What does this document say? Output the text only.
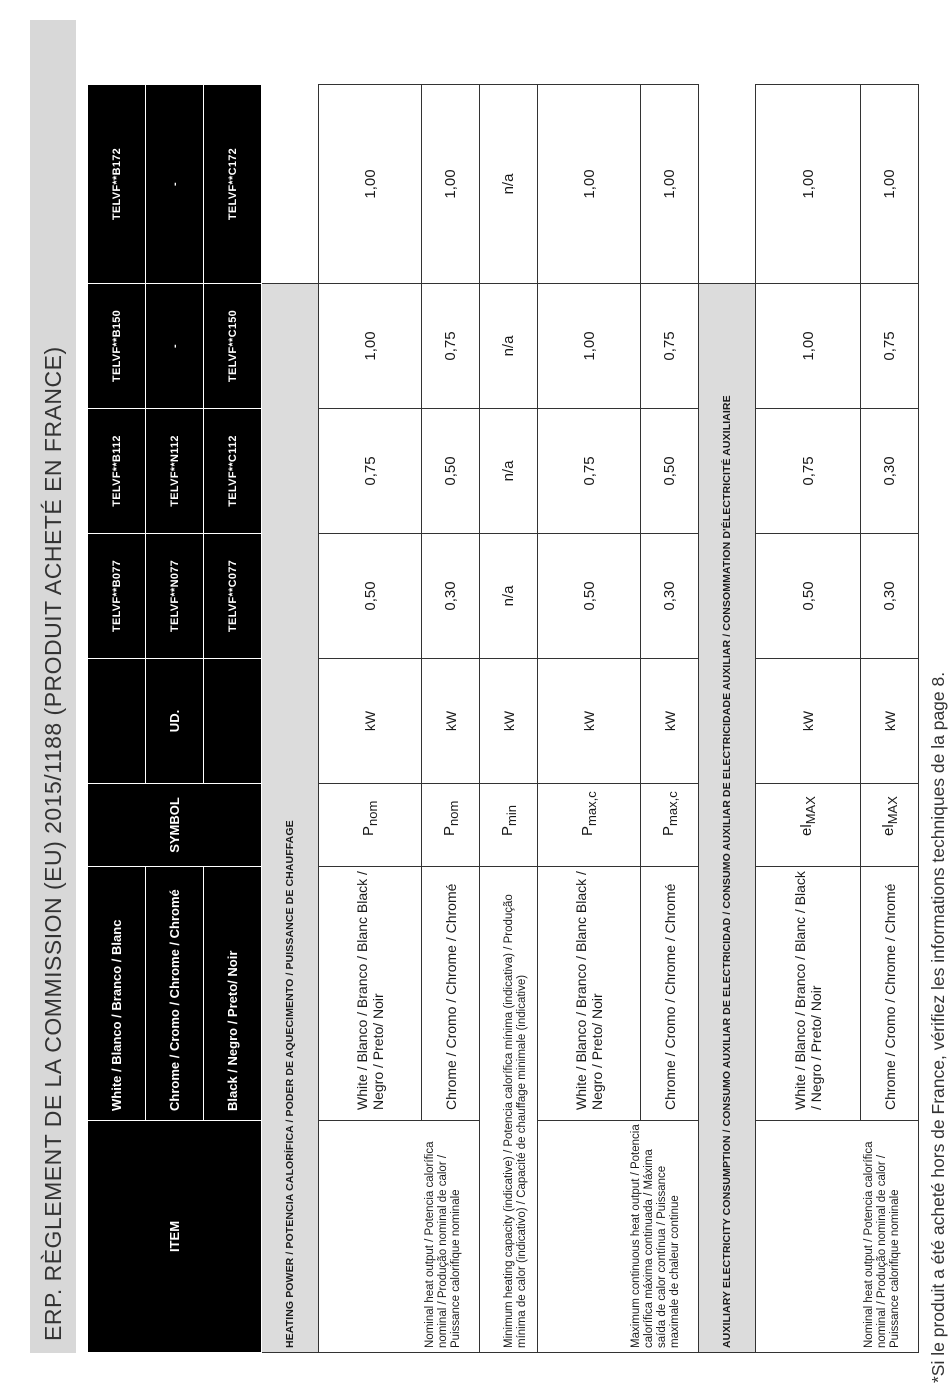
ERP. RÈGLEMENT DE LA COMMISSION (EU) 2015/1188 (PRODUIT ACHETÉ EN FRANCE)	ITEM	White / Blanco / Branco / Blanc	SYMBOL		TELVF**B077	TELVF**B112	TELVF**B150	TELVF**B172
	Chrome / Cromo / Chrome / Chromé		UD.	TELVF**N077	TELVF**N112	-	-
	Black / Negro / Preto/ Noir			TELVF**C077	TELVF**C112	TELVF**C150	TELVF**C172
HEATING POWER / POTENCIA CALORÍFICA / PODER DE AQUECIMENTO / PUISSANCE DE CHAUFFAGE							
Nominal heat output / Potencia calorífica nominal / Produção nominal de calor / Puissance calorifique nominale	White / Blanco / Branco / Blanc Black / Negro / Preto/ Noir	$P_{nom}$	kW	0,50	0,75	1,00	1,00
	Chrome / Cromo / Chrome / Chromé	$P_{nom}$	kW	0,30	0,50	0,75	1,00
Minimum heating capacity (indicative) / Potencia calorífica mínima (indicativa) / Produção mínima de calor (indicativo) / Capacité de chauffage minimale (indicative)		$P_{min}$	kW	n/a	n/a	n/a	n/a
Maximum continuous heat output / Potencia calorífica máxima continuada / Máxima saída de calor contínua / Puissance maximale de chaleur continue	White / Blanco / Branco / Blanc Black / Negro / Preto/ Noir	$P_{max,c}$	kW	0,50	0,75	1,00	1,00
	Chrome / Cromo / Chrome / Chromé	$P_{max,c}$	kW	0,30	0,50	0,75	1,00
AUXILIARY ELECTRICITY CONSUMPTION / CONSUMO AUXILIAR DE ELECTRICIDAD / CONSUMO AUXILIAR DE ELECTRICIDADE AUXILIAR / CONSOMMATION D'ÉLECTRICITÉ AUXILIAIRE							
Nominal heat output / Potencia calorífica nominal / Produção nominal de calor / Puissance calorifique nominale	White / Blanco / Branco / Blanc / Black / Negro / Preto/ Noir	$el_{MAX}$	kW	0,50	0,75	1,00	1,00
	Chrome / Cromo / Chrome / Chromé	$el_{MAX}$	kW	0,30	0,30	0,75	1,00
*Si le produit a été acheté hors de France, vérifiez les informations techniques de la page 8.
